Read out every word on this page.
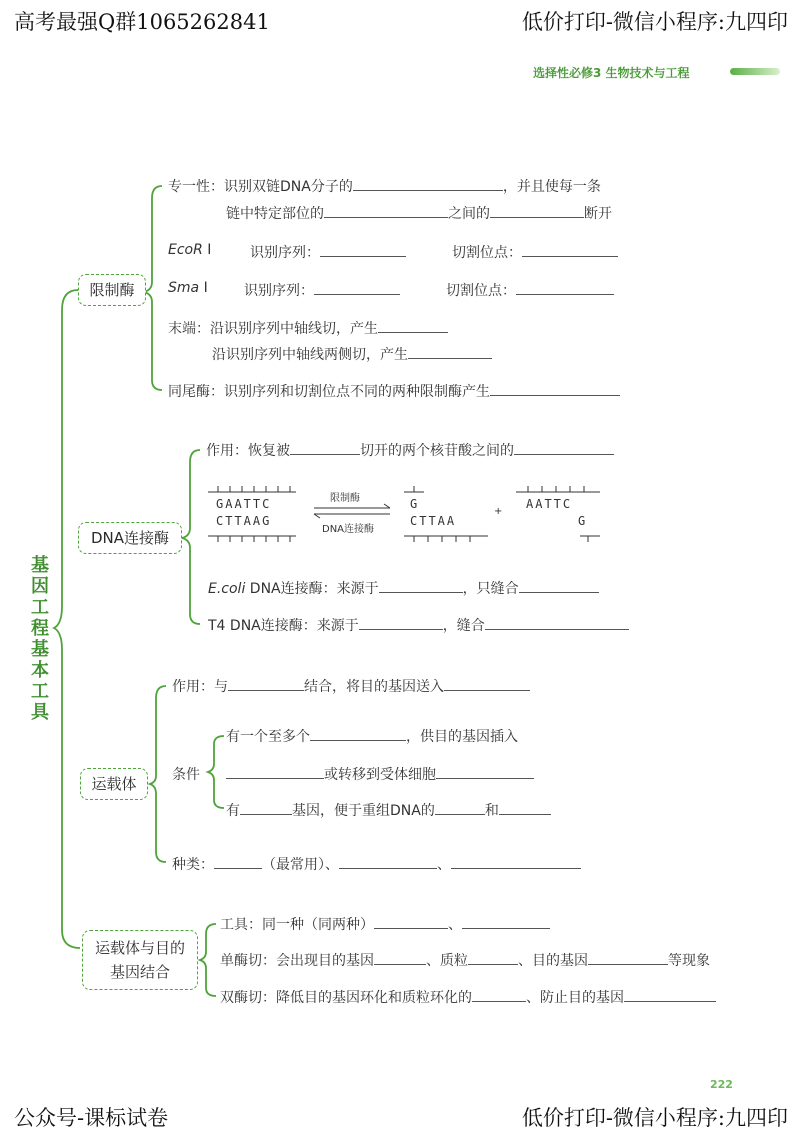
高考最强Q群1065262841	低价打印-微信小程序:九四印
公众号-课标试卷	低价打印-微信小程序:九四印
选择性必修3 生物技术与工程
基因工程基本工具
限制酶
专一性：识别双链DNA分子的	，并且使每一条
链中特定部位的	之间的	断开
EcoR Ⅰ	识别序列：	切割位点：
Sma Ⅰ	识别序列：	切割位点：
末端：沿识别序列中轴线切，产生
沿识别序列中轴线两侧切，产生
同尾酶：识别序列和切割位点不同的两种限制酶产生
DNA连接酶
作用：恢复被	切开的两个核苷酸之间的
GAATTC
CTTAAG
限制酶
DNA连接酶
G
CTTAA
+
AATTC
G
E.coli DNA连接酶：来源于	，只缝合
T4 DNA连接酶：来源于	，缝合
运载体
作用：与	结合，将目的基因送入
条件
有一个至多个	，供目的基因插入
或转移到受体细胞
有	基因，便于重组DNA的	和
种类：	（最常用）、	、
运载体与目的基因结合
工具：同一种（同两种）	、
单酶切：会出现目的基因	、质粒	、目的基因	等现象
双酶切：降低目的基因环化和质粒环化的	、防止目的基因
222
